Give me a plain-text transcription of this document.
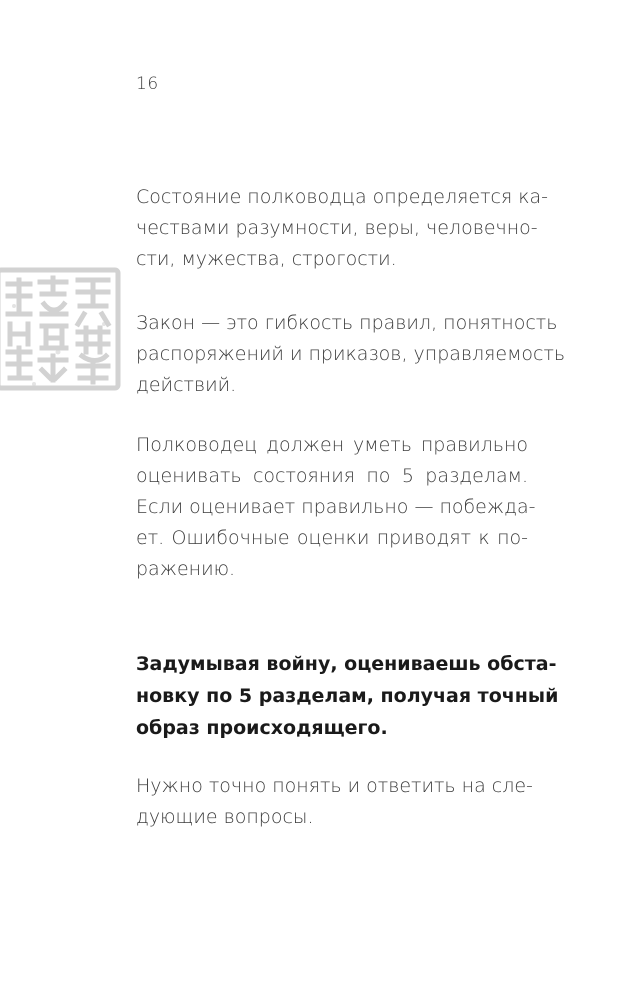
16
Состояние полководца определяется ка-
чествами разумности, веры, человечно-
сти, мужества, строгости.
Закон — это гибкость правил, понятность
распоряжений и приказов, управляемость
действий.
Полководец должен уметь правильно
оценивать состояния по 5 разделам.
Если оценивает правильно — побежда-
ет. Ошибочные оценки приводят к по-
ражению.
Задумывая войну, оцениваешь обста-
новку по 5 разделам, получая точный
образ происходящего.
Нужно точно понять и ответить на сле-
дующие вопросы.
